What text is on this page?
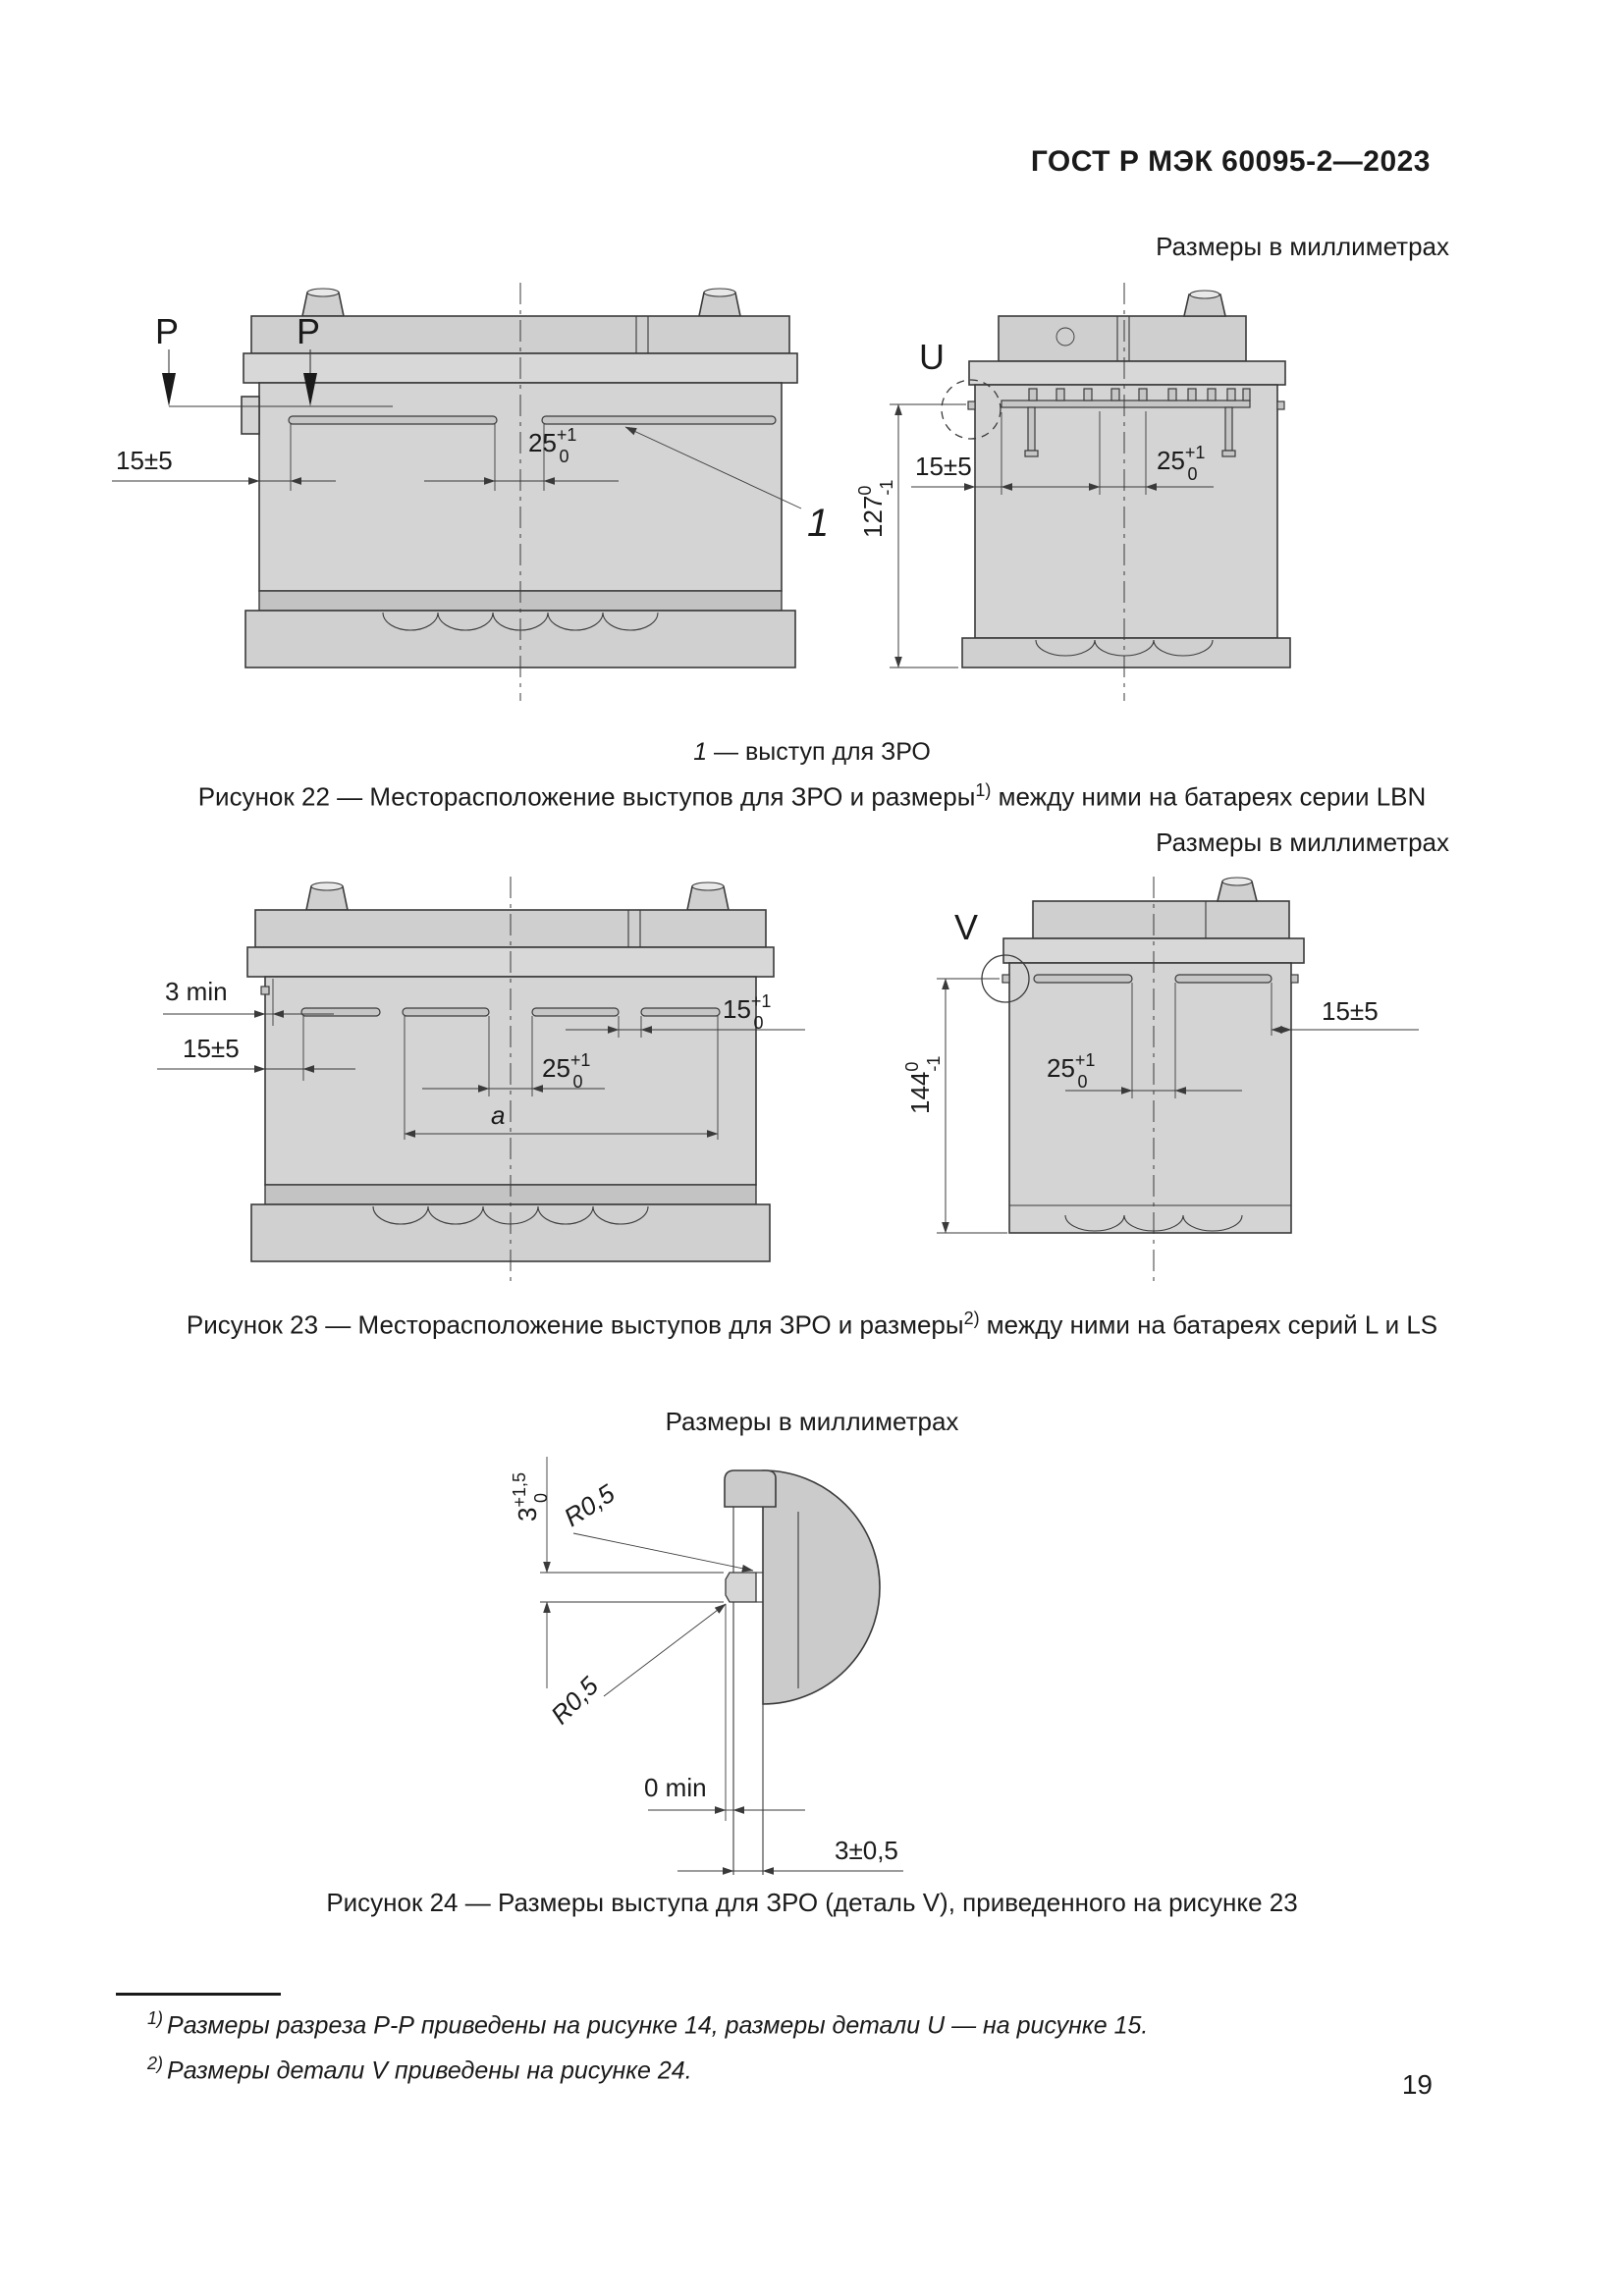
ГОСТ Р МЭК 60095-2—2023
Размеры в миллиметрах
P	P
15±5
$25^{+1}$ 0
1
U
15±5	$25^{+1}$ 0
$127^0$ -1
1 — выступ для ЗРО
Рисунок 22 — Месторасположение выступов для ЗРО и размеры$^{1)}$ между ними на батареях серии LBN
Размеры в миллиметрах
3 min
15±5
$25^{+1}$ 0
$15^{+1}$ 0
a
V
$25^{+1}$ 0
15±5
$144^0$ -1
Рисунок 23 — Месторасположение выступов для ЗРО и размеры$^{2)}$ между ними на батареях серий L и LS
Размеры в миллиметрах
$3^{+1,5}$ 0 R0,5
R0,5
0 min
3±0,5
Рисунок 24 — Размеры выступа для ЗРО (деталь V), приведенного на рисунке 23
$^{1)}$ Размеры разреза Р-Р приведены на рисунке 14, размеры детали U — на рисунке 15.
$^{2)}$ Размеры детали V приведены на рисунке 24.	19
